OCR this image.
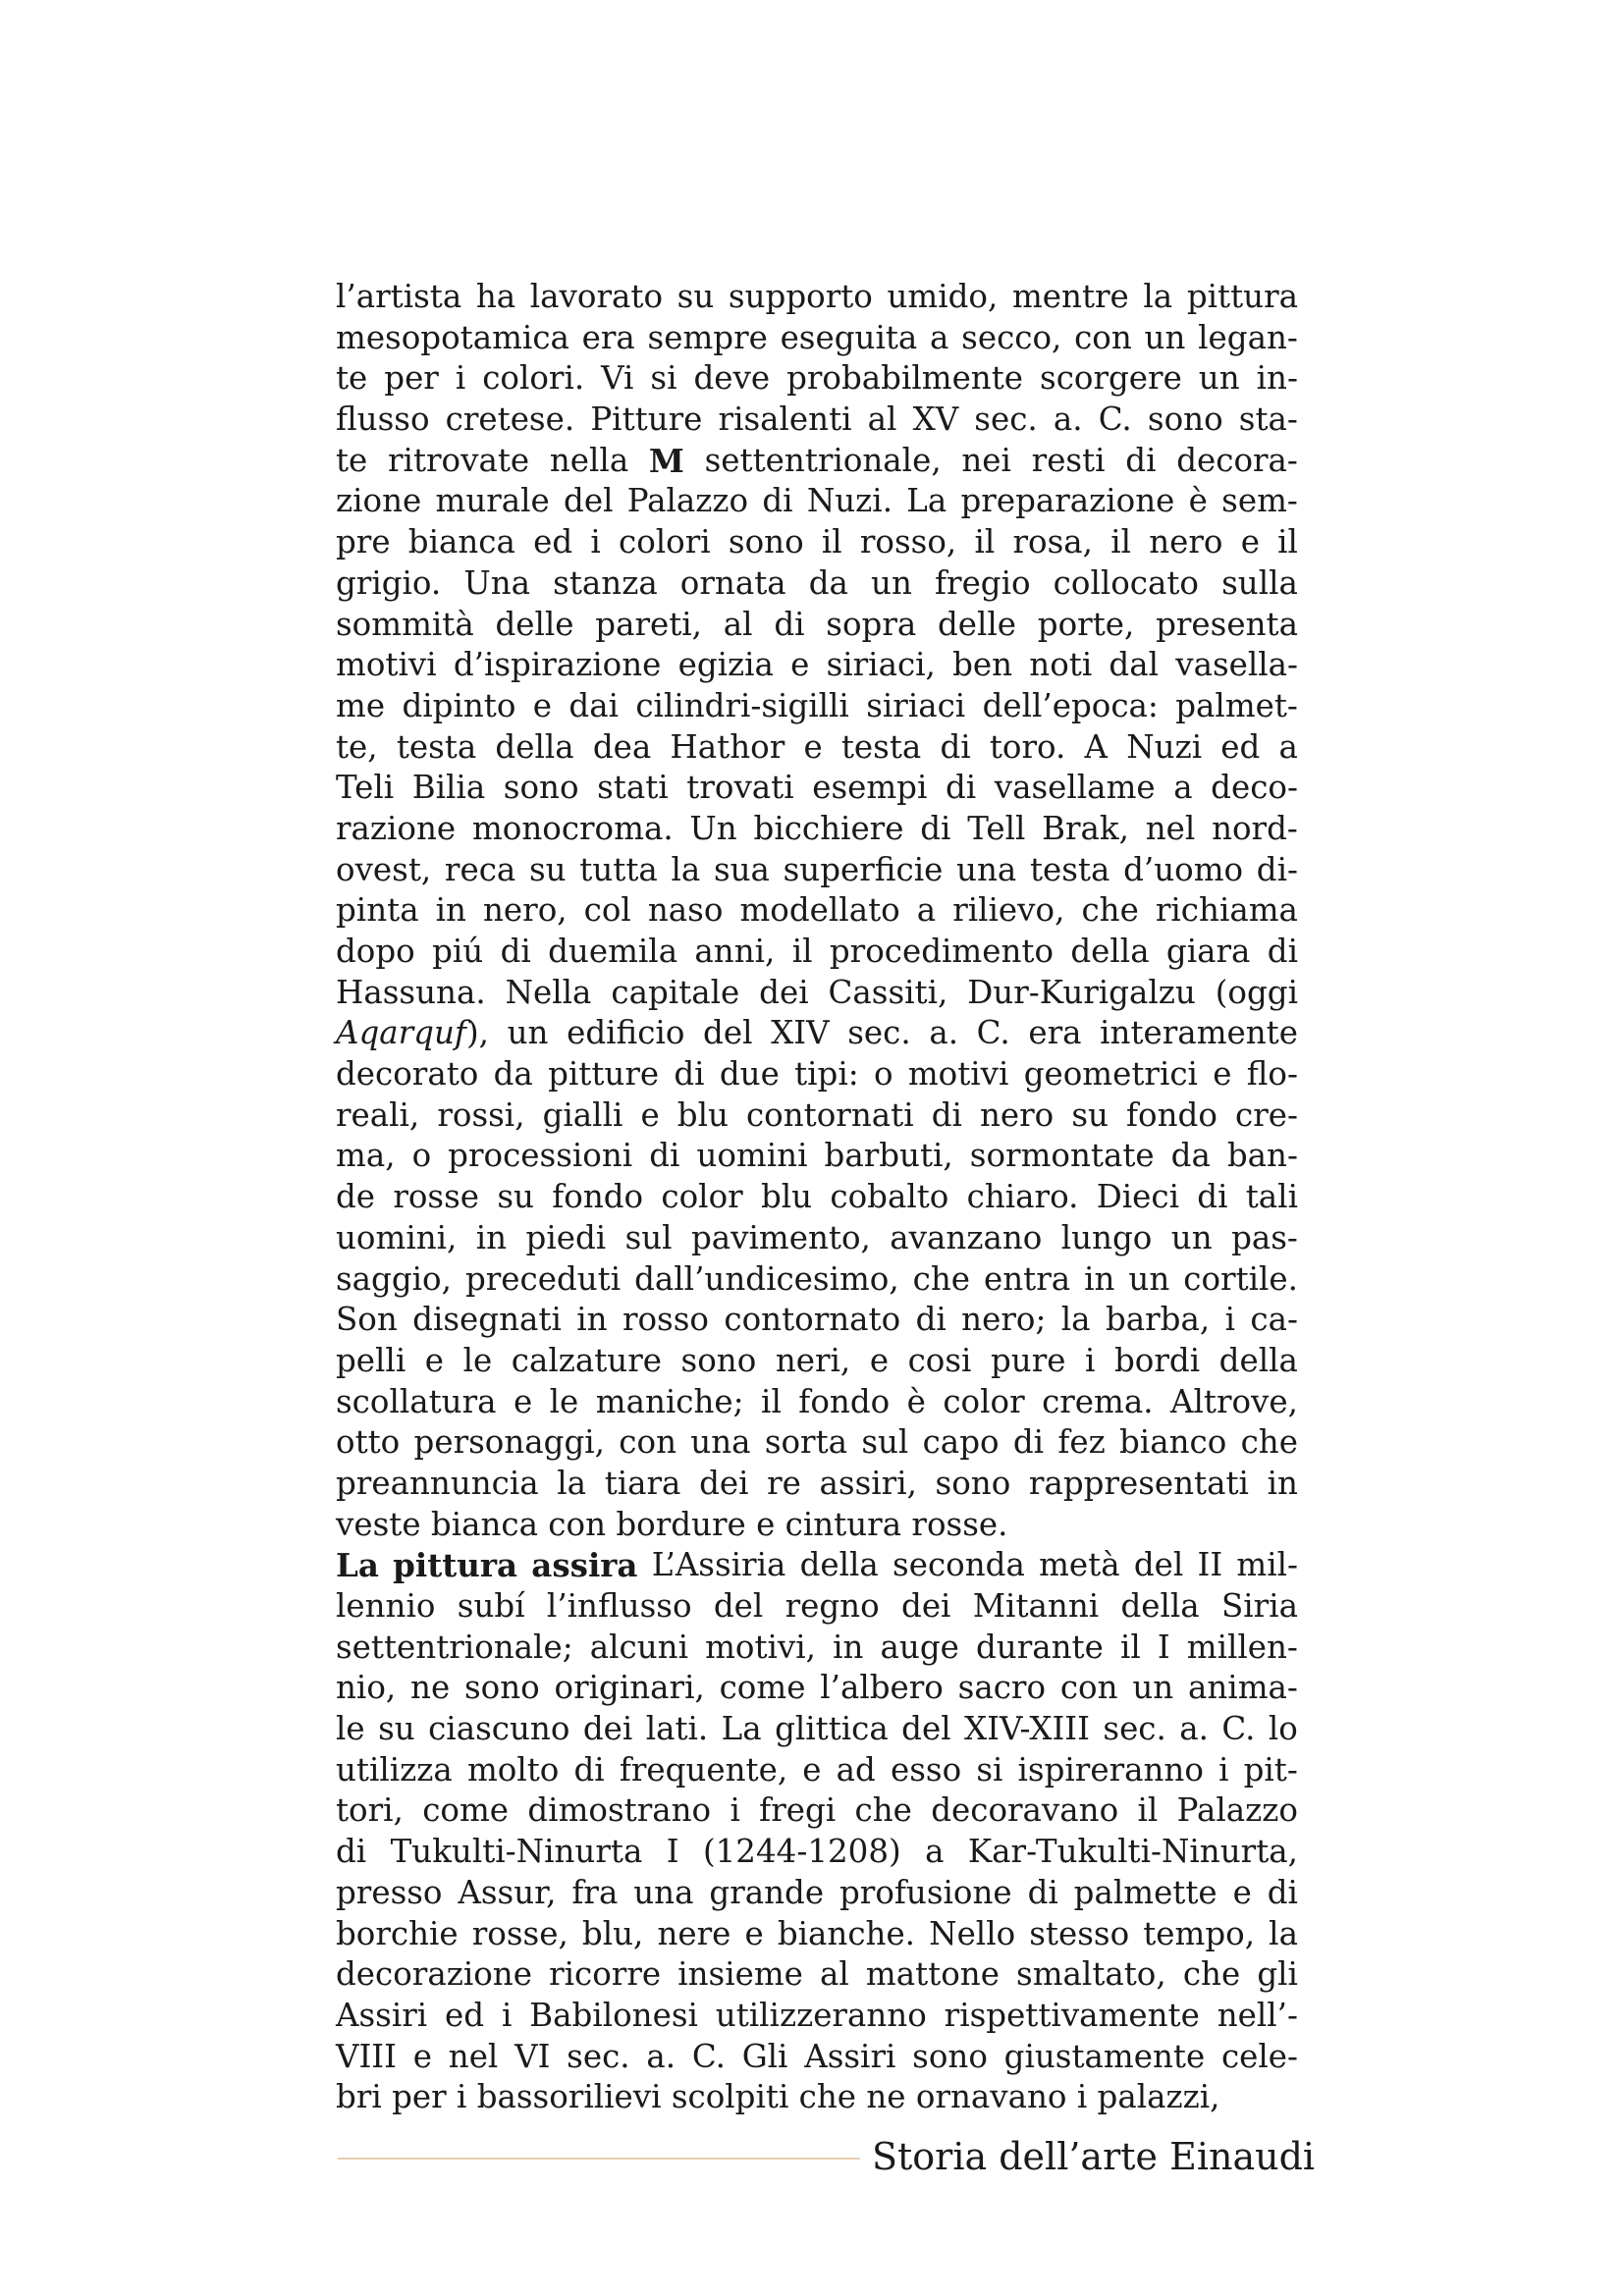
l’artista ha lavorato su supporto umido, mentre la pittura
mesopotamica era sempre eseguita a secco, con un legan-
te per i colori. Vi si deve probabilmente scorgere un in-
flusso cretese. Pitture risalenti al XV sec. a. C. sono sta-
te ritrovate nella M settentrionale, nei resti di decora-
zione murale del Palazzo di Nuzi. La preparazione è sem-
pre bianca ed i colori sono il rosso, il rosa, il nero e il
grigio. Una stanza ornata da un fregio collocato sulla
sommità delle pareti, al di sopra delle porte, presenta
motivi d’ispirazione egizia e siriaci, ben noti dal vasella-
me dipinto e dai cilindri-sigilli siriaci dell’epoca: palmet-
te, testa della dea Hathor e testa di toro. A Nuzi ed a
Teli Bilia sono stati trovati esempi di vasellame a deco-
razione monocroma. Un bicchiere di Tell Brak, nel nord-
ovest, reca su tutta la sua superficie una testa d’uomo di-
pinta in nero, col naso modellato a rilievo, che richiama
dopo piú di duemila anni, il procedimento della giara di
Hassuna. Nella capitale dei Cassiti, Dur-Kurigalzu (oggi
Aqarquf), un edificio del XIV sec. a. C. era interamente
decorato da pitture di due tipi: o motivi geometrici e flo-
reali, rossi, gialli e blu contornati di nero su fondo cre-
ma, o processioni di uomini barbuti, sormontate da ban-
de rosse su fondo color blu cobalto chiaro. Dieci di tali
uomini, in piedi sul pavimento, avanzano lungo un pas-
saggio, preceduti dall’undicesimo, che entra in un cortile.
Son disegnati in rosso contornato di nero; la barba, i ca-
pelli e le calzature sono neri, e cosi pure i bordi della
scollatura e le maniche; il fondo è color crema. Altrove,
otto personaggi, con una sorta sul capo di fez bianco che
preannuncia la tiara dei re assiri, sono rappresentati in
veste bianca con bordure e cintura rosse.
La pittura assira L’Assiria della seconda metà del II mil-
lennio subí l’influsso del regno dei Mitanni della Siria
settentrionale; alcuni motivi, in auge durante il I millen-
nio, ne sono originari, come l’albero sacro con un anima-
le su ciascuno dei lati. La glittica del XIV-XIII sec. a. C. lo
utilizza molto di frequente, e ad esso si ispireranno i pit-
tori, come dimostrano i fregi che decoravano il Palazzo
di Tukulti-Ninurta I (1244-1208) a Kar-Tukulti-Ninurta,
presso Assur, fra una grande profusione di palmette e di
borchie rosse, blu, nere e bianche. Nello stesso tempo, la
decorazione ricorre insieme al mattone smaltato, che gli
Assiri ed i Babilonesi utilizzeranno rispettivamente nell’-
VIII e nel VI sec. a. C. Gli Assiri sono giustamente cele-
bri per i bassorilievi scolpiti che ne ornavano i palazzi,
Storia dell’arte Einaudi
